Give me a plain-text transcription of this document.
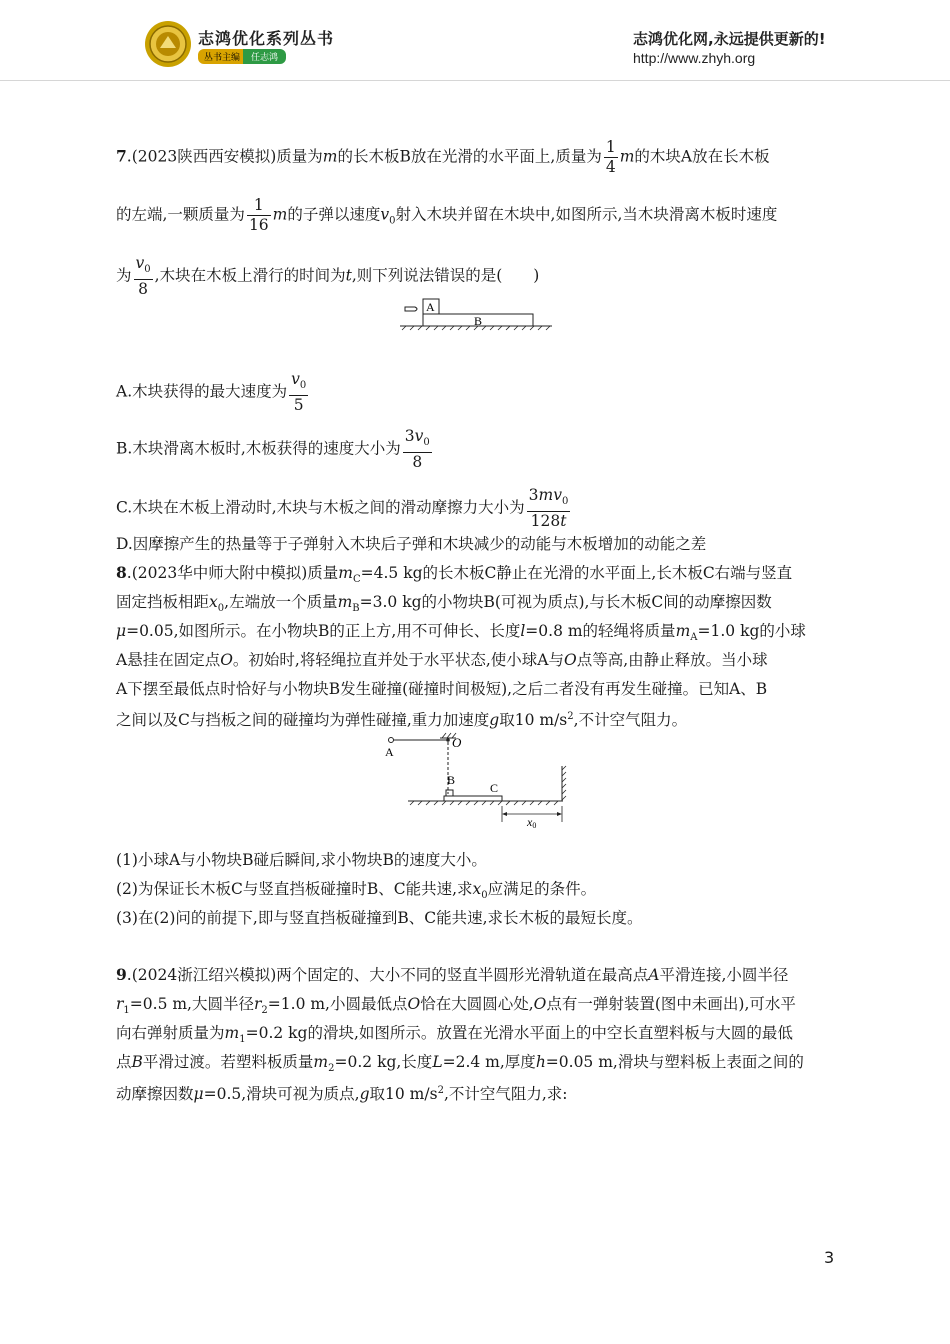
志鸿优化系列丛书
丛书主编 任志鸿
志鸿优化网,永远提供更新的!
http://www.zhyh.org
7.(2023陕西西安模拟)质量为m的长木板B放在光滑的水平面上,质量为 $\frac{1}{4}$ m的木块A放在长木板
的左端,一颗质量为 $\frac{1}{16}$ m的子弹以速度$v_0$射入木块并留在木块中,如图所示,当木块滑离木板时速度
为 $\frac{v_0}{8}$ ,木块在木板上滑行的时间为t,则下列说法错误的是(　　)
A
B
A.木块获得的最大速度为 $\frac{v_0}{5}$
B.木块滑离木板时,木板获得的速度大小为 $\frac{3v_0}{8}$
C.木块在木板上滑动时,木块与木板之间的滑动摩擦力大小为 $\frac{3mv_0}{128t}$
D.因摩擦产生的热量等于子弹射入木块后子弹和木块减少的动能与木板增加的动能之差
8.(2023华中师大附中模拟)质量$m_C=4.5$ kg的长木板C静止在光滑的水平面上,长木板C右端与竖直
固定挡板相距$x_0$,左端放一个质量$m_B=3.0$ kg的小物块B(可视为质点),与长木板C间的动摩擦因数
μ=0.05,如图所示。在小物块B的正上方,用不可伸长、长度l=0.8 m的轻绳将质量$m_A=1.0$ kg的小球
A悬挂在固定点O。初始时,将轻绳拉直并处于水平状态,使小球A与O点等高,由静止释放。当小球
A下摆至最低点时恰好与小物块B发生碰撞(碰撞时间极短),之后二者没有再发生碰撞。已知A、B
之间以及C与挡板之间的碰撞均为弹性碰撞,重力加速度g取10 $m/s^2$,不计空气阻力。
O
A
B
C
x0
(1)小球A与小物块B碰后瞬间,求小物块B的速度大小。
(2)为保证长木板C与竖直挡板碰撞时B、C能共速,求$x_0$应满足的条件。
(3)在(2)问的前提下,即与竖直挡板碰撞到B、C能共速,求长木板的最短长度。
9.(2024浙江绍兴模拟)两个固定的、大小不同的竖直半圆形光滑轨道在最高点A平滑连接,小圆半径
$r_1=0.5$ m,大圆半径$r_2=1.0$ m,小圆最低点O恰在大圆圆心处,O点有一弹射装置(图中未画出),可水平
向右弹射质量为$m_1=0.2$ kg的滑块,如图所示。放置在光滑水平面上的中空长直塑料板与大圆的最低
点B平滑过渡。若塑料板质量$m_2=0.2$ kg,长度L=2.4 m,厚度h=0.05 m,滑块与塑料板上表面之间的
动摩擦因数μ=0.5,滑块可视为质点,g取10 $m/s^2$,不计空气阻力,求:
3
